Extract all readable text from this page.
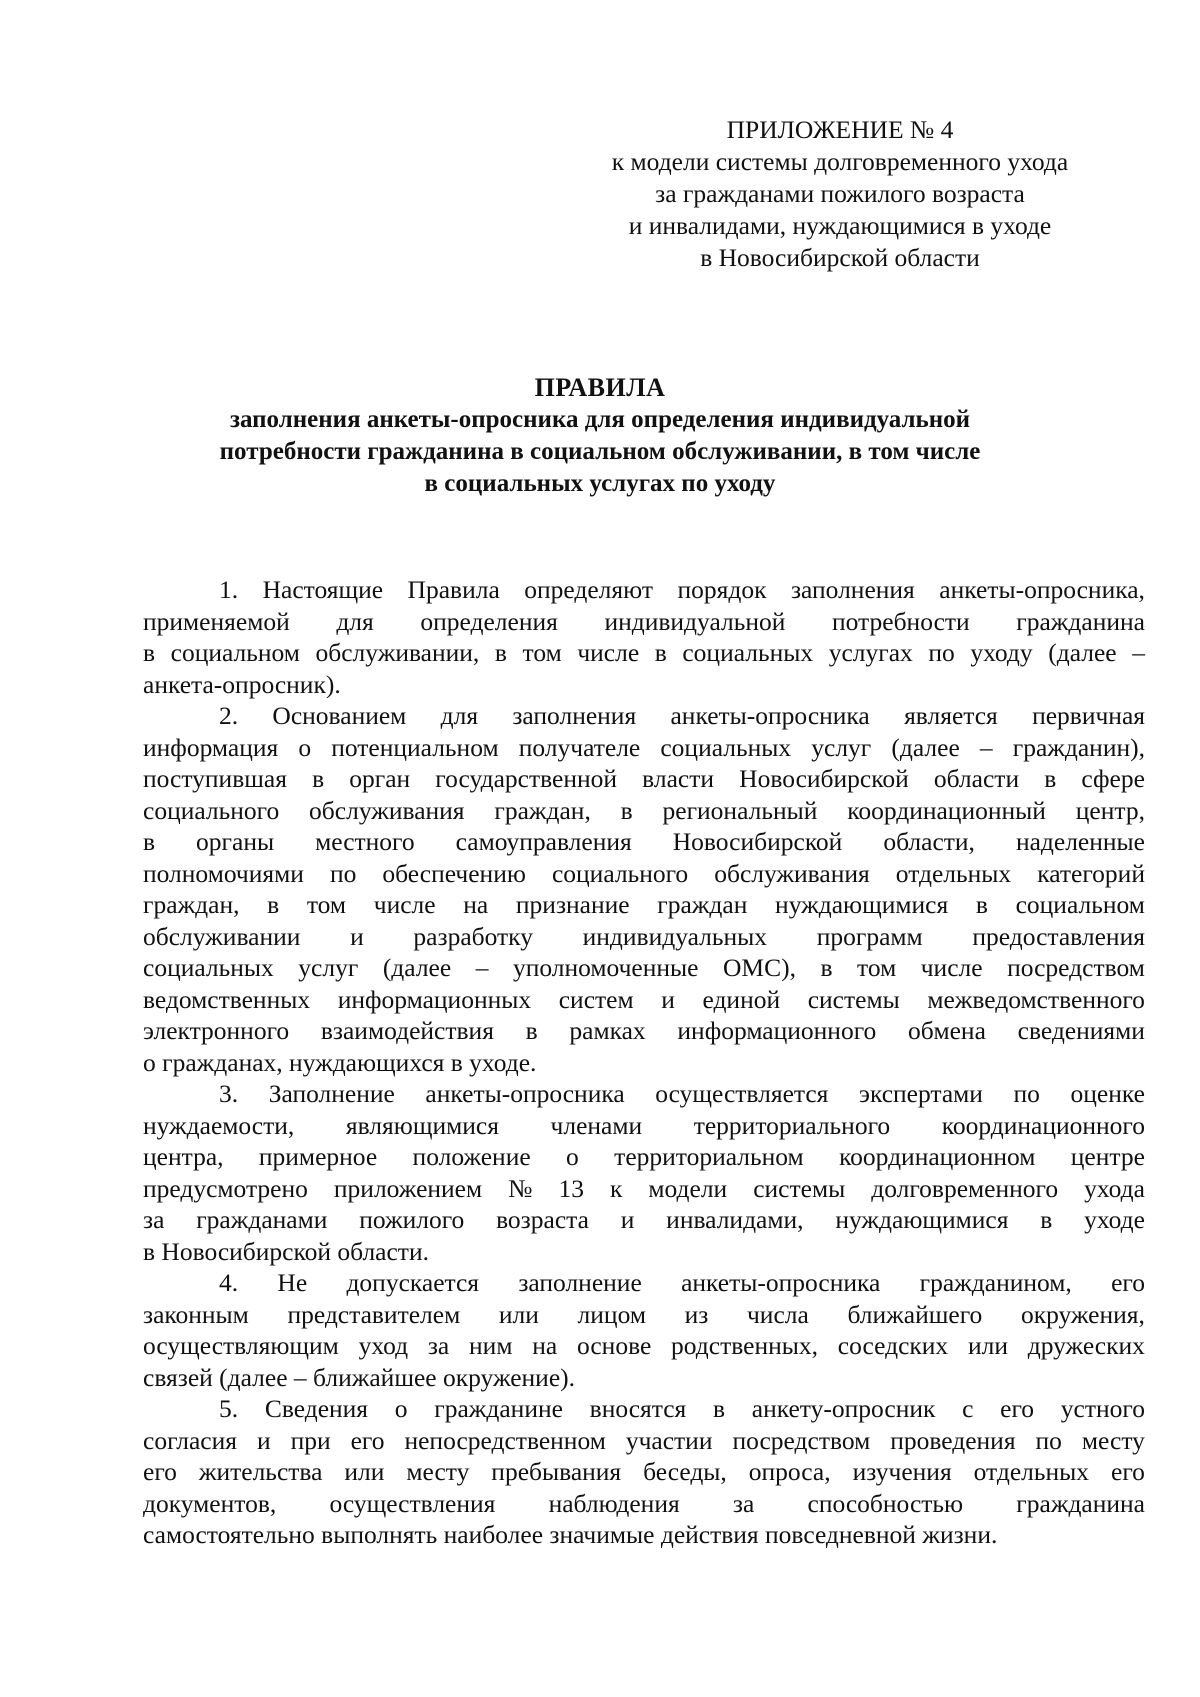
ПРИЛОЖЕНИЕ № 4
к модели системы долговременного ухода
за гражданами пожилого возраста
и инвалидами, нуждающимися в уходе
в Новосибирской области
ПРАВИЛА
заполнения анкеты-опросника для определения индивидуальной
потребности гражданина в социальном обслуживании, в том числе
в социальных услугах по уходу
1. Настоящие Правила определяют порядок заполнения анкеты-опросника,
применяемой для определения индивидуальной потребности гражданина
в социальном обслуживании, в том числе в социальных услугах по уходу (далее –
анкета-опросник).
2. Основанием для заполнения анкеты-опросника является первичная
информация о потенциальном получателе социальных услуг (далее – гражданин),
поступившая в орган государственной власти Новосибирской области в сфере
социального обслуживания граждан, в региональный координационный центр,
в органы местного самоуправления Новосибирской области, наделенные
полномочиями по обеспечению социального обслуживания отдельных категорий
граждан, в том числе на признание граждан нуждающимися в социальном
обслуживании и разработку индивидуальных программ предоставления
социальных услуг (далее – уполномоченные ОМС), в том числе посредством
ведомственных информационных систем и единой системы межведомственного
электронного взаимодействия в рамках информационного обмена сведениями
о гражданах, нуждающихся в уходе.
3. Заполнение анкеты-опросника осуществляется экспертами по оценке
нуждаемости, являющимися членами территориального координационного
центра, примерное положение о территориальном координационном центре
предусмотрено приложением № 13 к модели системы долговременного ухода
за гражданами пожилого возраста и инвалидами, нуждающимися в уходе
в Новосибирской области.
4. Не допускается заполнение анкеты-опросника гражданином, его
законным представителем или лицом из числа ближайшего окружения,
осуществляющим уход за ним на основе родственных, соседских или дружеских
связей (далее – ближайшее окружение).
5. Сведения о гражданине вносятся в анкету-опросник с его устного
согласия и при его непосредственном участии посредством проведения по месту
его жительства или месту пребывания беседы, опроса, изучения отдельных его
документов, осуществления наблюдения за способностью гражданина
самостоятельно выполнять наиболее значимые действия повседневной жизни.
